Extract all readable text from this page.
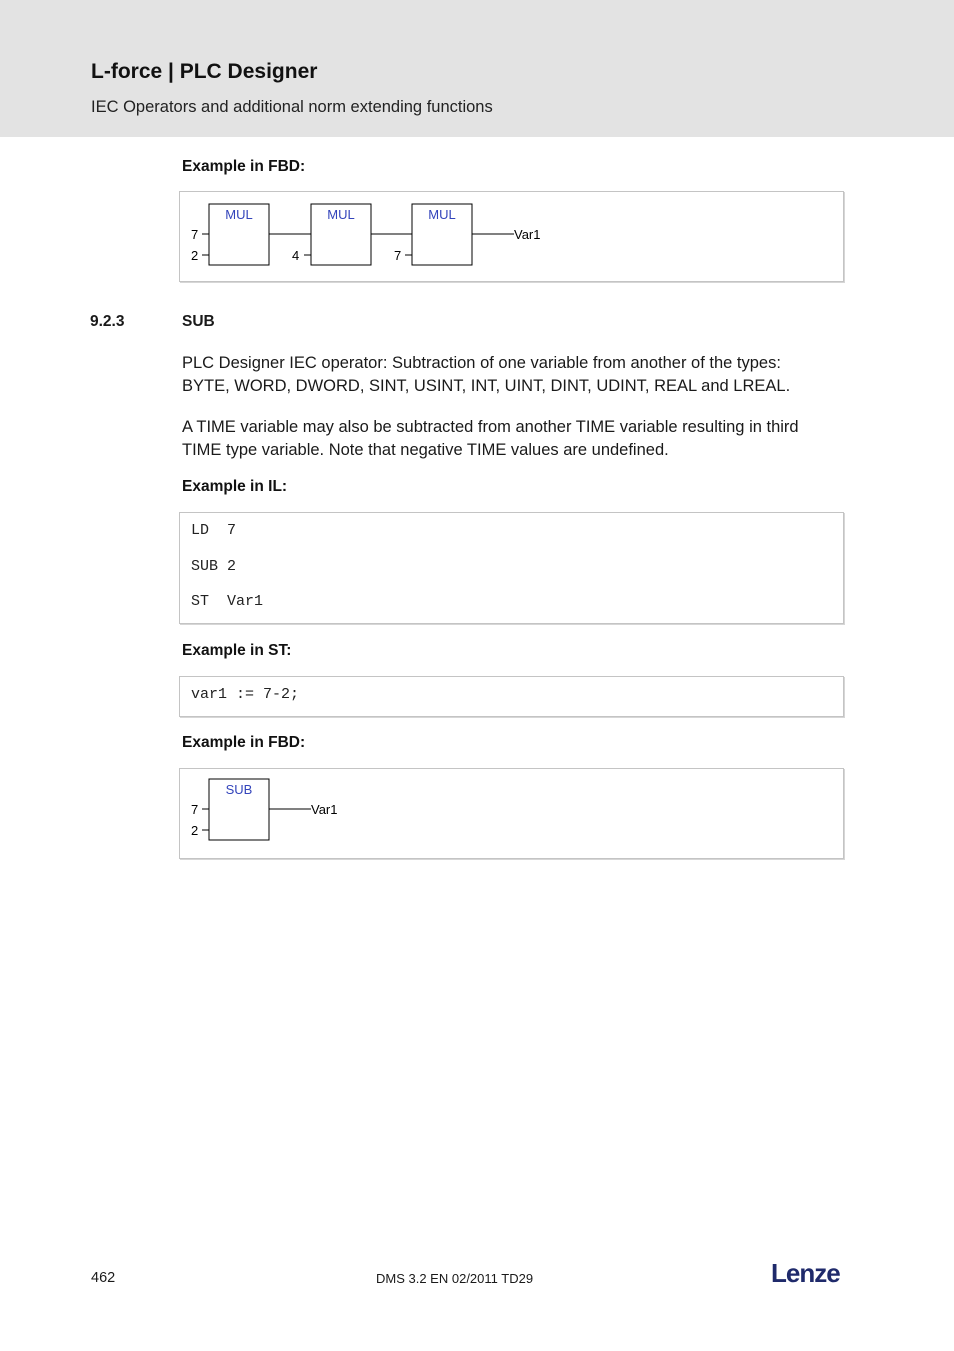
L-force | PLC Designer
IEC Operators and additional norm extending functions
Example in FBD:
MUL	MUL	MUL
7
2	4	7
Var1
9.2.3	SUB
PLC Designer IEC operator: Subtraction of one variable from another of the types:
BYTE, WORD, DWORD, SINT, USINT, INT, UINT, DINT, UDINT, REAL and LREAL.
A TIME variable may also be subtracted from another TIME variable resulting in third
TIME type variable. Note that negative TIME values are undefined.
Example in IL:
LD  7
SUB 2
ST  Var1
Example in ST:
var1 := 7-2;
Example in FBD:
SUB
7
2
Var1
462	DMS 3.2 EN 02/2011 TD29	Lenze
